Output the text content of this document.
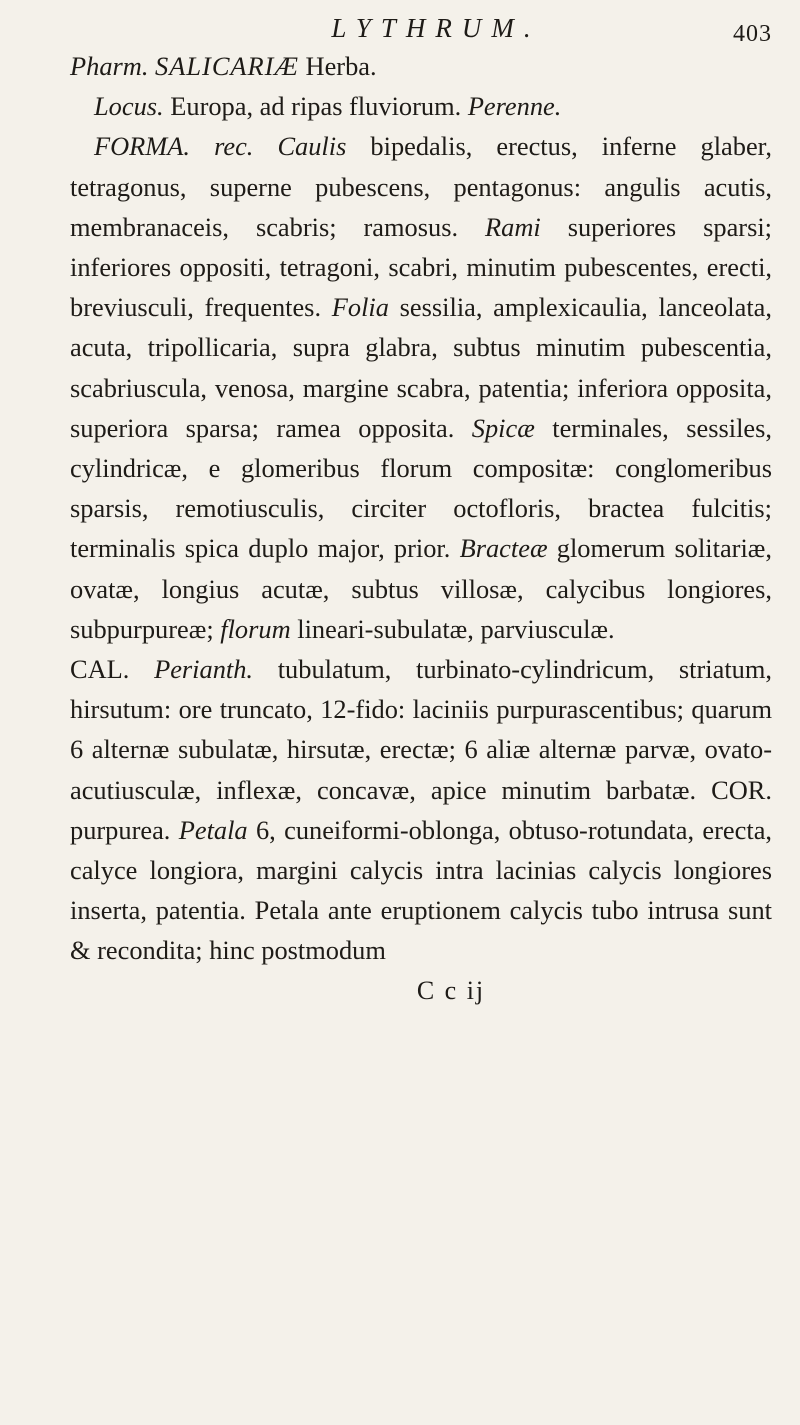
LYTHRUM.	403

Pharm. SALICARIÆ Herba.

Locus. Europa, ad ripas fluviorum. Perenne.

FORMA. rec. Caulis bipedalis, erectus, inferne glaber, tetragonus, superne pubescens, pentagonus: angulis acutis, membranaceis, scabris; ramosus. Rami superiores sparsi; inferiores oppositi, tetragoni, scabri, minutim pubescentes, erecti, breviusculi, frequentes. Folia sessilia, amplexicaulia, lanceolata, acuta, tripollicaria, supra glabra, subtus minutim pubescentia, scabriuscula, venosa, margine scabra, patentia; inferiora opposita, superiora sparsa; ramea opposita. Spicæ terminales, sessiles, cylindricæ, e glomeribus florum compositæ: conglomeribus sparsis, remotiusculis, circiter octofloris, bractea fulcitis; terminalis spica duplo major, prior. Bracteæ glomerum solitariæ, ovatæ, longius acutæ, subtus villosæ, calycibus longiores, subpurpureæ; florum lineari-subulatæ, parviusculæ.

CAL. Perianth. tubulatum, turbinato-cylindricum, striatum, hirsutum: ore truncato, 12-fido: laciniis purpurascentibus; quarum 6 alternæ subulatæ, hirsutæ, erectæ; 6 aliæ alternæ parvæ, ovato-acutiusculæ, inflexæ, concavæ, apice minutim barbatæ. COR. purpurea. Petala 6, cuneiformi-oblonga, obtuso-rotundata, erecta, calyce longiora, margini calycis intra lacinias calycis longiores inserta, patentia. Petala ante eruptionem calycis tubo intrusa sunt & recondita; hinc postmodum

C c ij
